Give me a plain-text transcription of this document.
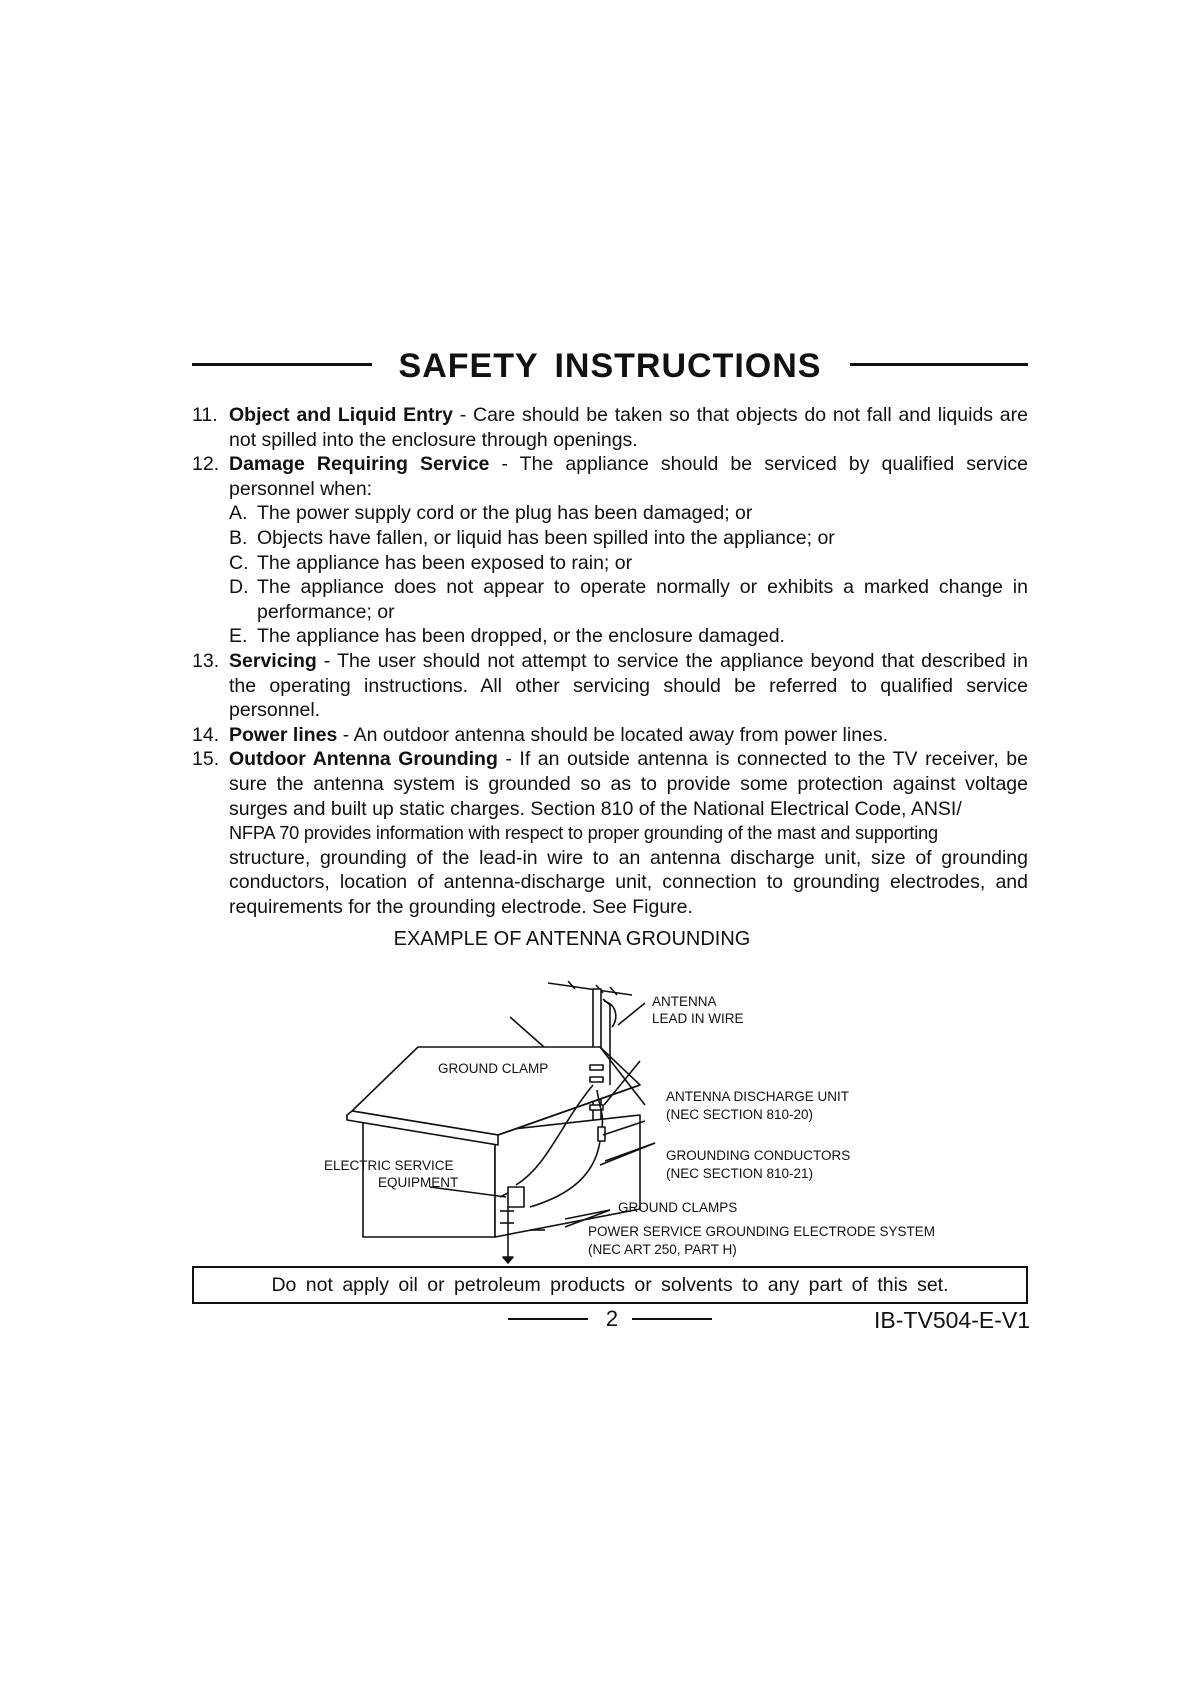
SAFETY INSTRUCTIONS
11. Object and Liquid Entry - Care should be taken so that objects do not fall and liquids are not spilled into the enclosure through openings.
12. Damage Requiring Service - The appliance should be serviced by qualified service personnel when:
A. The power supply cord or the plug has been damaged; or
B. Objects have fallen, or liquid has been spilled into the appliance; or
C. The appliance has been exposed to rain; or
D. The appliance does not appear to operate normally or exhibits a marked change in performance; or
E. The appliance has been dropped, or the enclosure damaged.
13. Servicing - The user should not attempt to service the appliance beyond that described in the operating instructions. All other servicing should be referred to qualified service personnel.
14. Power lines - An outdoor antenna should be located away from power lines.
15. Outdoor Antenna Grounding - If an outside antenna is connected to the TV receiver, be sure the antenna system is grounded so as to provide some protection against voltage surges and built up static charges. Section 810 of the National Electrical Code, ANSI/
NFPA 70 provides information with respect to proper grounding of the mast and supporting
structure, grounding of the lead-in wire to an antenna discharge unit, size of grounding conductors, location of antenna-discharge unit, connection to grounding electrodes, and requirements for the grounding electrode. See Figure.
EXAMPLE OF ANTENNA GROUNDING
ANTENNA
LEAD IN WIRE
GROUND CLAMP
ANTENNA DISCHARGE UNIT
(NEC SECTION 810-20)
GROUNDING CONDUCTORS
(NEC SECTION 810-21)
ELECTRIC SERVICE
EQUIPMENT
GROUND CLAMPS
POWER SERVICE GROUNDING ELECTRODE SYSTEM
(NEC ART 250, PART H)
Do not apply oil or petroleum products or solvents to any part of this set.
2	IB-TV504-E-V1
